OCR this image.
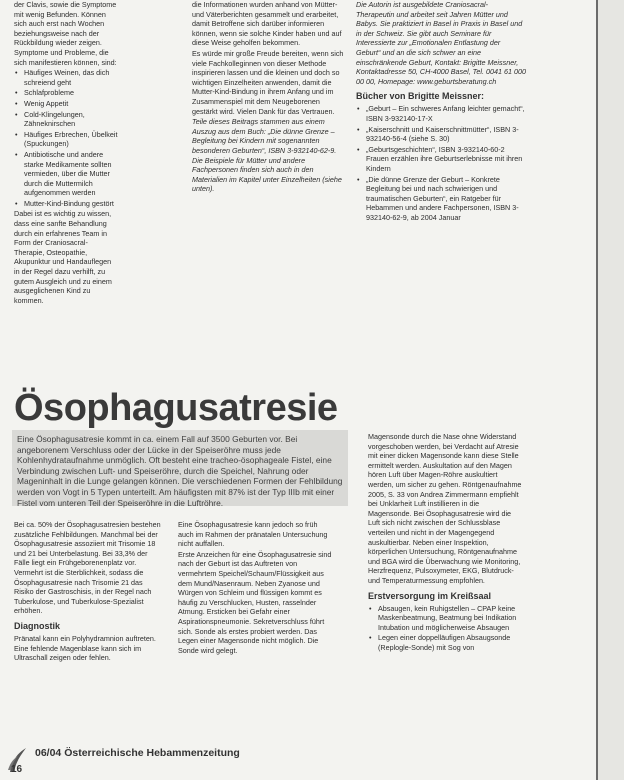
der Clavis, sowie die Symptome mit wenig Befunden. Können sich auch erst nach Wochen beziehungsweise nach der Rückbildung wieder zeigen. Symptome und Probleme, die sich manifestieren können, sind:

• Häufiges Weinen, das dich schreiend geht
• Schlafprobleme
• Wenig Appetit
• Cold-Klingelungen, Zähneknirschen
• Häufiges Erbrechen, Übelkeit (Spuckungen)
• Antibiotische und andere starke Medikamente sollten vermieden, über die Mutter durch die Muttermilch aufgenommen werden
• Mutter-Kind-Bindung gestört

Dabei ist es wichtig zu wissen, dass eine sanfte Behandlung durch ein erfahrenes Team in Form der Craniosacral-Therapie, Osteopathie, Akupunktur und Handauflegen in der Regel dazu verhilft, zu gutem Ausgleich und zu einem ausgeglichenen Kind zu kommen.

die Informationen wurden anhand von Mütter- und Väterberichten gesammelt und erarbeitet, damit Betroffene sich darüber informieren können, wenn sie solche Kinder haben und auf diese Weise geholfen bekommen.

Es würde mir große Freude bereiten, wenn sich viele Fachkolleginnen von dieser Methode inspirieren lassen und die kleinen und doch so wichtigen Einzelheiten anwenden, damit die Mutter-Kind-Bindung in ihrem Anfang und im Zusammenspiel mit dem Neugeborenen gestärkt wird. Vielen Dank für das Vertrauen.

Teile dieses Beitrags stammen aus einem Auszug aus dem Buch: „Die dünne Grenze – Begleitung bei Kindern mit sogenannten besonderen Geburten“, ISBN 3-932140-62-9. Die Beispiele für Mütter und andere Fachpersonen finden sich auch in den Materialien im Kapitel unter Einzelheiten (siehe unten).

Die Autorin ist ausgebildete Craniosacral-Therapeutin und arbeitet seit Jahren Mütter und Babys. Sie praktiziert in Basel in Praxis in Basel und in der Schweiz. Sie gibt auch Seminare für Interessierte zur „Emotionalen Entlastung der Geburt“ und an die sich schwer an eine einschränkende Geburt, Kontakt: Brigitte Meissner, Kontaktadresse 50, CH-4000 Basel, Tel. 0041 61 000 00 00, Homepage: www.geburtsberatung.ch

Bücher von Brigitte Meissner:
• „Geburt – Ein schweres Anfang leichter gemacht“, ISBN 3-932140-17-X
• „Kaiserschnitt und Kaiserschnittmütter“, ISBN 3-932140-56-4 (siehe S. 30)
• „Geburtsgeschichten“, ISBN 3-932140-60-2 Frauen erzählen ihre Geburtserlebnisse mit ihren Kindern
• „Die dünne Grenze der Geburt – Konkrete Begleitung bei und nach schwierigen und traumatischen Geburten“, ein Ratgeber für Hebammen und andere Fachpersonen, ISBN 3-932140-62-9, ab 2004 Januar
Ösophagusatresie
Eine Ösophagusatresie kommt in ca. einem Fall auf 3500 Geburten vor. Bei angeborenem Verschluss oder der Lücke in der Speiseröhre muss jede Kohlenhydrataufnahme unmöglich. Oft besteht eine tracheo-ösophageale Fistel, eine Verbindung zwischen Luft- und Speiseröhre, durch die Speichel, Nahrung oder Mageninhalt in die Lunge gelangen können. Die verschiedenen Formen der Fehlbildung werden von Vogt in 5 Typen unterteilt. Am häufigsten mit 87% ist der Typ IIIb mit einer Fistel vom unteren Teil der Speiseröhre in die Luftröhre.

Bei ca. 50% der Ösophagusatresien bestehen zusätzliche Fehlbildungen. Manchmal bei der Ösophagusatresie assoziiert mit Trisomie 18 und 21 bei Unterbelastung. Bei 33,3% der Fälle liegt ein Frühgeborenenplatz vor. Vermehrt ist die Sterblichkeit, sodass die Ösophagusatresie nach Trisomie 21 das Risiko der Gastroschisis, in der Regel nach Tuberkulose, und Tuberkulose-Spezialist erhöhen.

Diagnostik

Pränatal kann ein Polyhydramnion auftreten. Eine fehlende Magenblase kann sich im Ultraschall zeigen oder fehlen.

Eine Ösophagusatresie kann jedoch so früh auch im Rahmen der pränatalen Untersuchung nicht auffallen.

Erste Anzeichen für eine Ösophagusatresie sind nach der Geburt ist das Auftreten von vermehrtem Speichel/Schaum/Flüssigkeit aus dem Mund/Nasenraum. Neben Zyanose und Würgen von Schleim und flüssigen kommt es häufig zu Verschlucken, Husten, rasselnder Atmung. Ersticken bei Gefahr einer Aspirationspneumonie. Sekretverschluss führt sich. Sonde als erstes probiert werden. Das Legen einer Magensonde nicht möglich. Die Sonde wird gelegt.

Magensonde durch die Nase ohne Widerstand vorgeschoben werden, bei Verdacht auf Atresie mit einer dicken Magensonde kann diese Stelle ermittelt werden. Auskultation auf den Magen hören Luft über Magen-Röhre auskultiert werden, um sicher zu gehen. Röntgenaufnahme 2005, S. 33 von Andrea Zimmermann empfiehlt bei Unklarheit Luft instillieren in die Magensonde. Bei Ösophagusatresie wird die Luft sich nicht zwischen der Schlussblase verteilen und nicht in der Magengegend auskultierbar. Neben einer Inspektion, körperlichen Untersuchung, Röntgenaufnahme und BGA wird die Überwachung wie Monitoring, Herzfrequenz, Pulsoxymeter, EKG, Blutdruck- und Temperaturmessung empfohlen.

Erstversorgung im Kreißsaal
• Absaugen, kein Ruhigstellen – CPAP keine Maskenbeatmung, Beatmung bei Indikation Intubation und möglicherweise Absaugen
• Legen einer doppelläufigen Absaugsonde (Replogle-Sonde) mit Sog von
06/04 Österreichische Hebammenzeitung
16
